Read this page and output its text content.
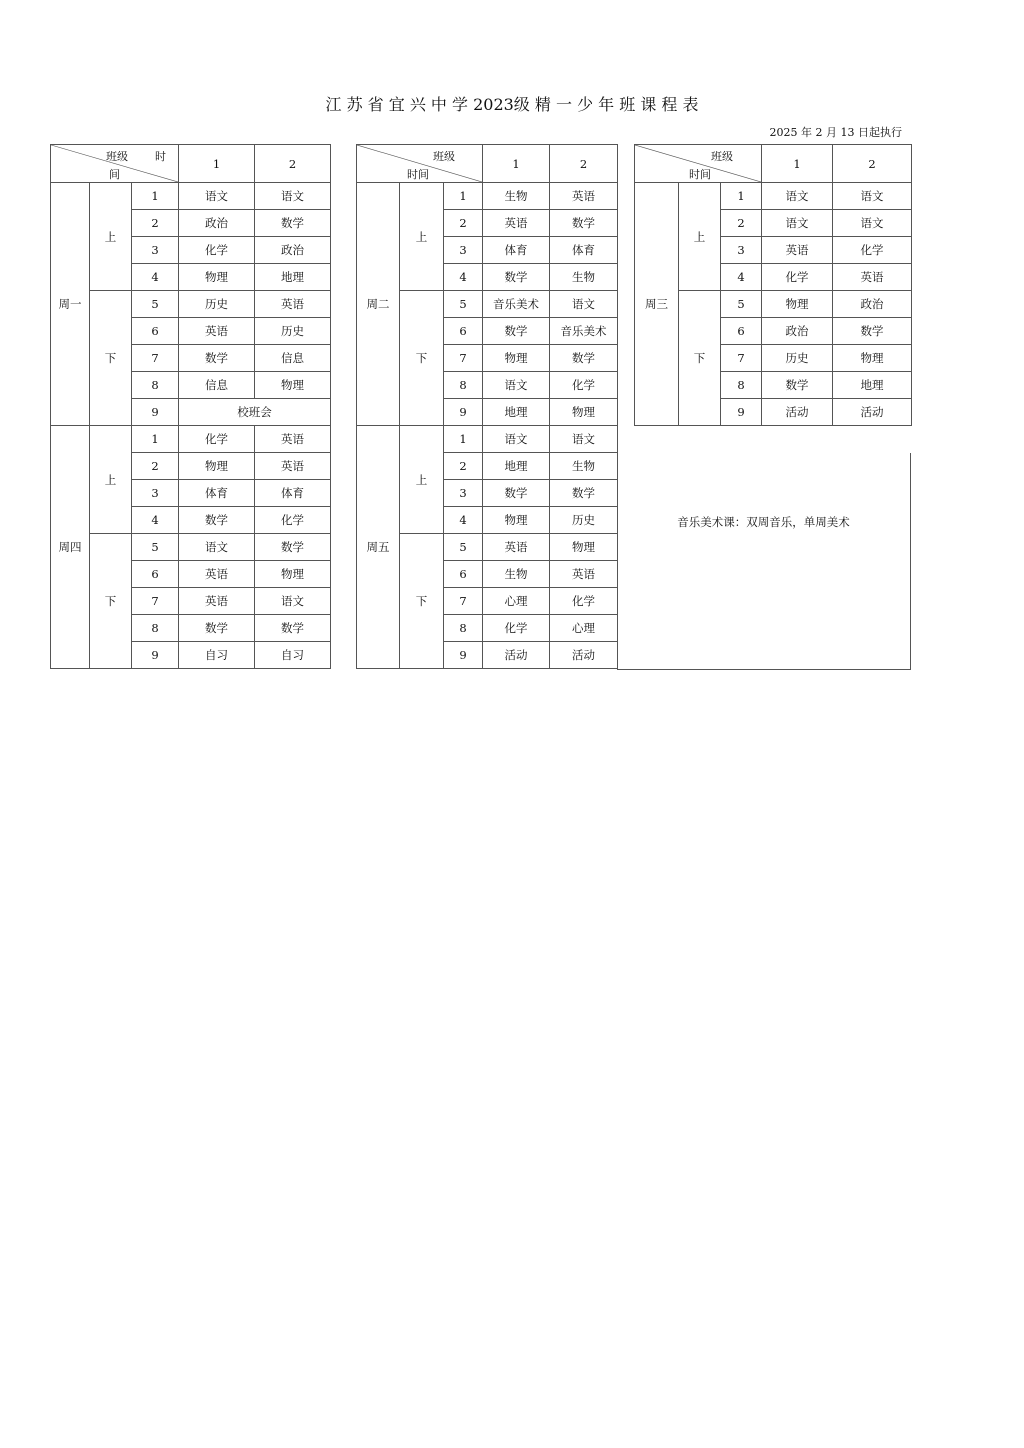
江 苏 省 宜 兴 中 学 2023级 精 一 少 年 班 课 程 表
2025 年 2 月 13 日起执行
班级 时
间			1	2
周一	上	1	语文	语文
		2	政治	数学
		3	化学	政治
		4	物理	地理
	下	5	历史	英语
		6	英语	历史
		7	数学	信息
		8	信息	物理
		9	校班会	
周四	上	1	化学	英语
		2	物理	英语
		3	体育	体育
		4	数学	化学
	下	5	语文	数学
		6	英语	物理
		7	英语	语文
		8	数学	数学
		9	自习	自习
班级
时间			1	2
周二	上	1	生物	英语
		2	英语	数学
		3	体育	体育
		4	数学	生物
	下	5	音乐美术	语文
		6	数学	音乐美术
		7	物理	数学
		8	语文	化学
		9	地理	物理
周五	上	1	语文	语文
		2	地理	生物
		3	数学	数学
		4	物理	历史
	下	5	英语	物理
		6	生物	英语
		7	心理	化学
		8	化学	心理
		9	活动	活动
班级
时间			1	2
周三	上	1	语文	语文
		2	语文	语文
		3	英语	化学
		4	化学	英语
	下	5	物理	政治
		6	政治	数学
		7	历史	物理
		8	数学	地理
		9	活动	活动
音乐美术课：双周音乐，单周美术
